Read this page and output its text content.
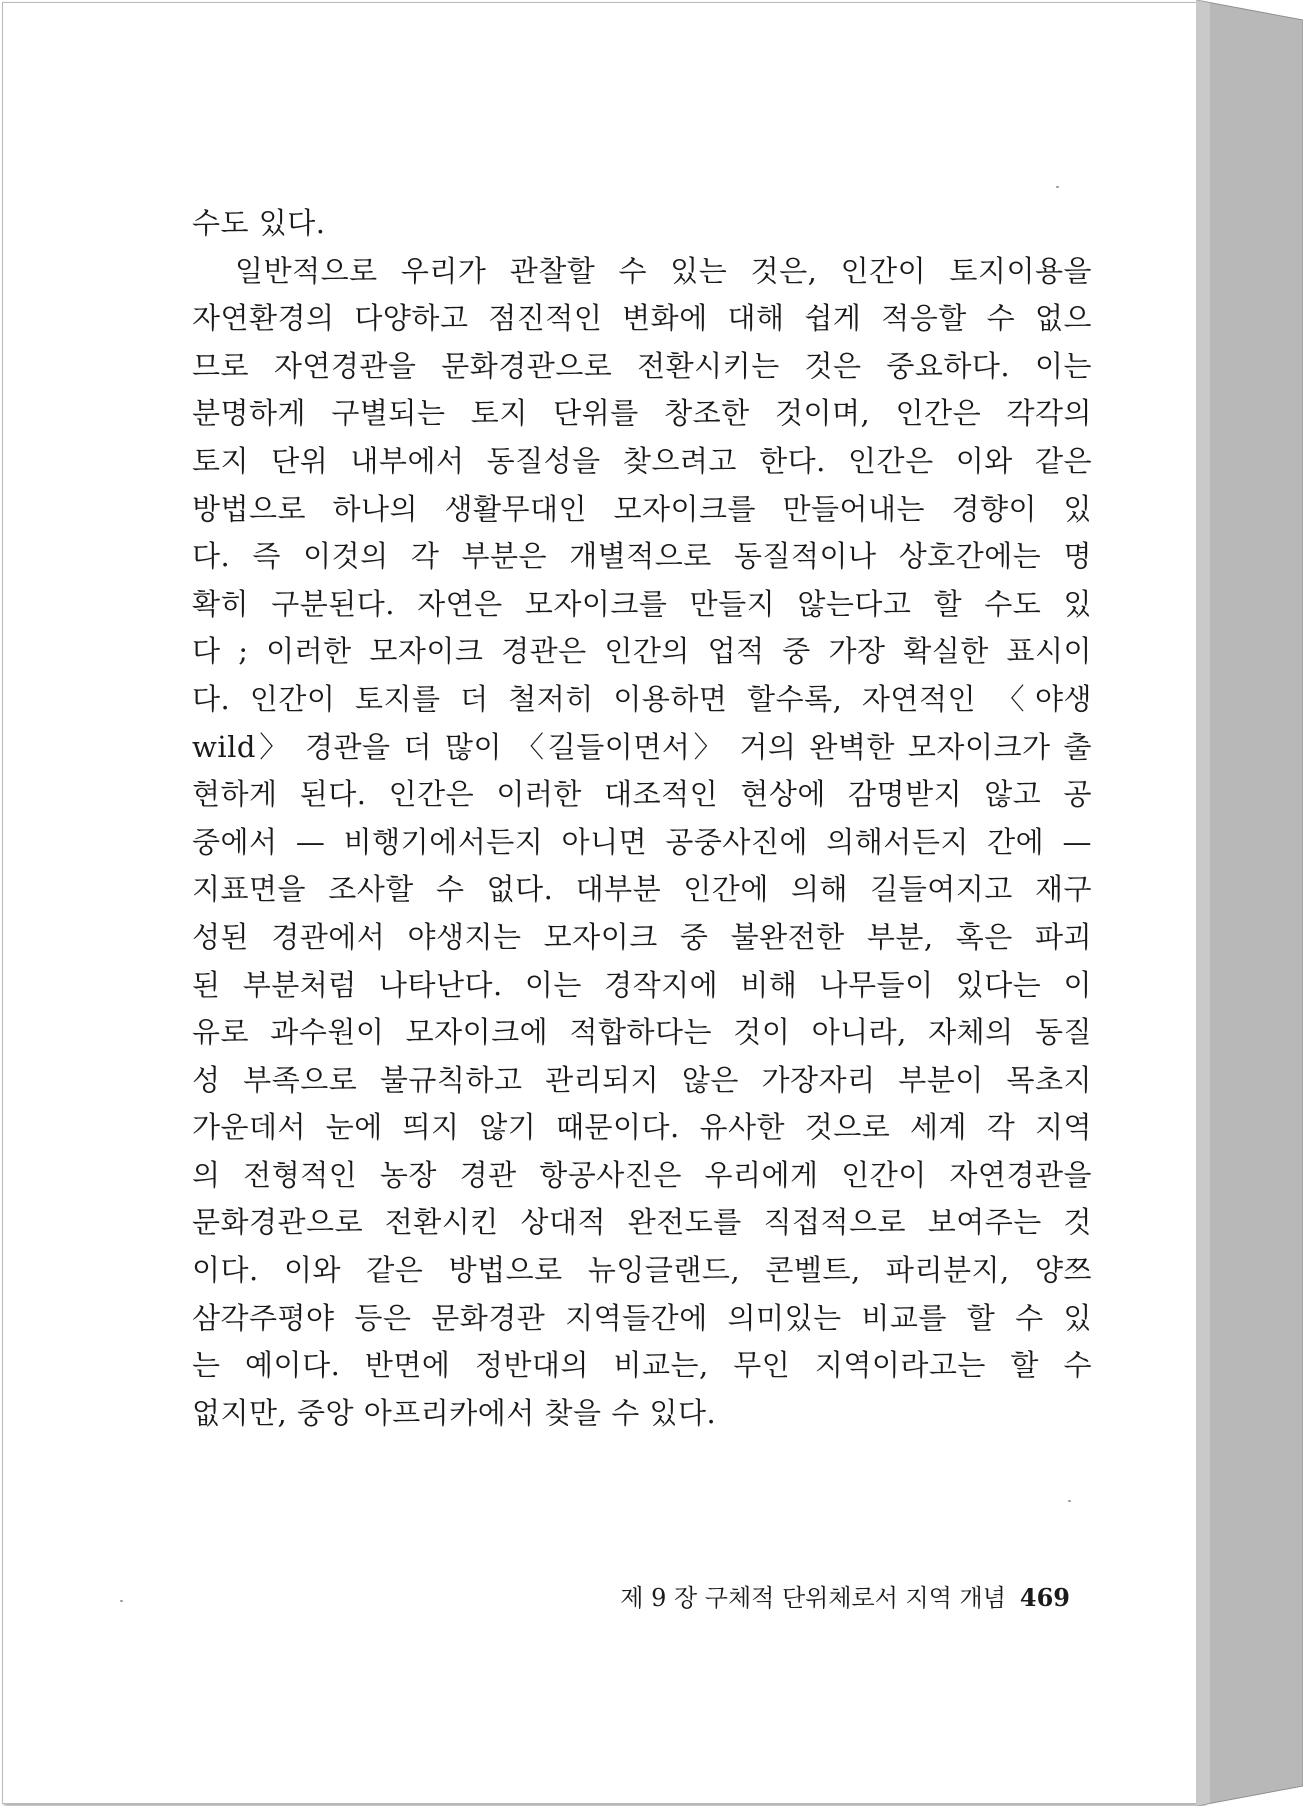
수도 있다.
　일반적으로 우리가 관찰할 수 있는 것은, 인간이 토지이용을
자연환경의 다양하고 점진적인 변화에 대해 쉽게 적응할 수 없으
므로 자연경관을 문화경관으로 전환시키는 것은 중요하다. 이는
분명하게 구별되는 토지 단위를 창조한 것이며, 인간은 각각의
토지 단위 내부에서 동질성을 찾으려고 한다. 인간은 이와 같은
방법으로 하나의 생활무대인 모자이크를 만들어내는 경향이 있
다. 즉 이것의 각 부분은 개별적으로 동질적이나 상호간에는 명
확히 구분된다. 자연은 모자이크를 만들지 않는다고 할 수도 있
다 ; 이러한 모자이크 경관은 인간의 업적 중 가장 확실한 표시이
다. 인간이 토지를 더 철저히 이용하면 할수록, 자연적인 〈야생
wild〉 경관을 더 많이 〈길들이면서〉 거의 완벽한 모자이크가 출
현하게 된다. 인간은 이러한 대조적인 현상에 감명받지 않고 공
중에서 — 비행기에서든지 아니면 공중사진에 의해서든지 간에 —
지표면을 조사할 수 없다. 대부분 인간에 의해 길들여지고 재구
성된 경관에서 야생지는 모자이크 중 불완전한 부분, 혹은 파괴
된 부분처럼 나타난다. 이는 경작지에 비해 나무들이 있다는 이
유로 과수원이 모자이크에 적합하다는 것이 아니라, 자체의 동질
성 부족으로 불규칙하고 관리되지 않은 가장자리 부분이 목초지
가운데서 눈에 띄지 않기 때문이다. 유사한 것으로 세계 각 지역
의 전형적인 농장 경관 항공사진은 우리에게 인간이 자연경관을
문화경관으로 전환시킨 상대적 완전도를 직접적으로 보여주는 것
이다. 이와 같은 방법으로 뉴잉글랜드, 콘벨트, 파리분지, 양쯔
삼각주평야 등은 문화경관 지역들간에 의미있는 비교를 할 수 있
는 예이다. 반면에 정반대의 비교는, 무인 지역이라고는 할 수
없지만, 중앙 아프리카에서 찾을 수 있다.
제 9 장 구체적 단위체로서 지역 개념 469
